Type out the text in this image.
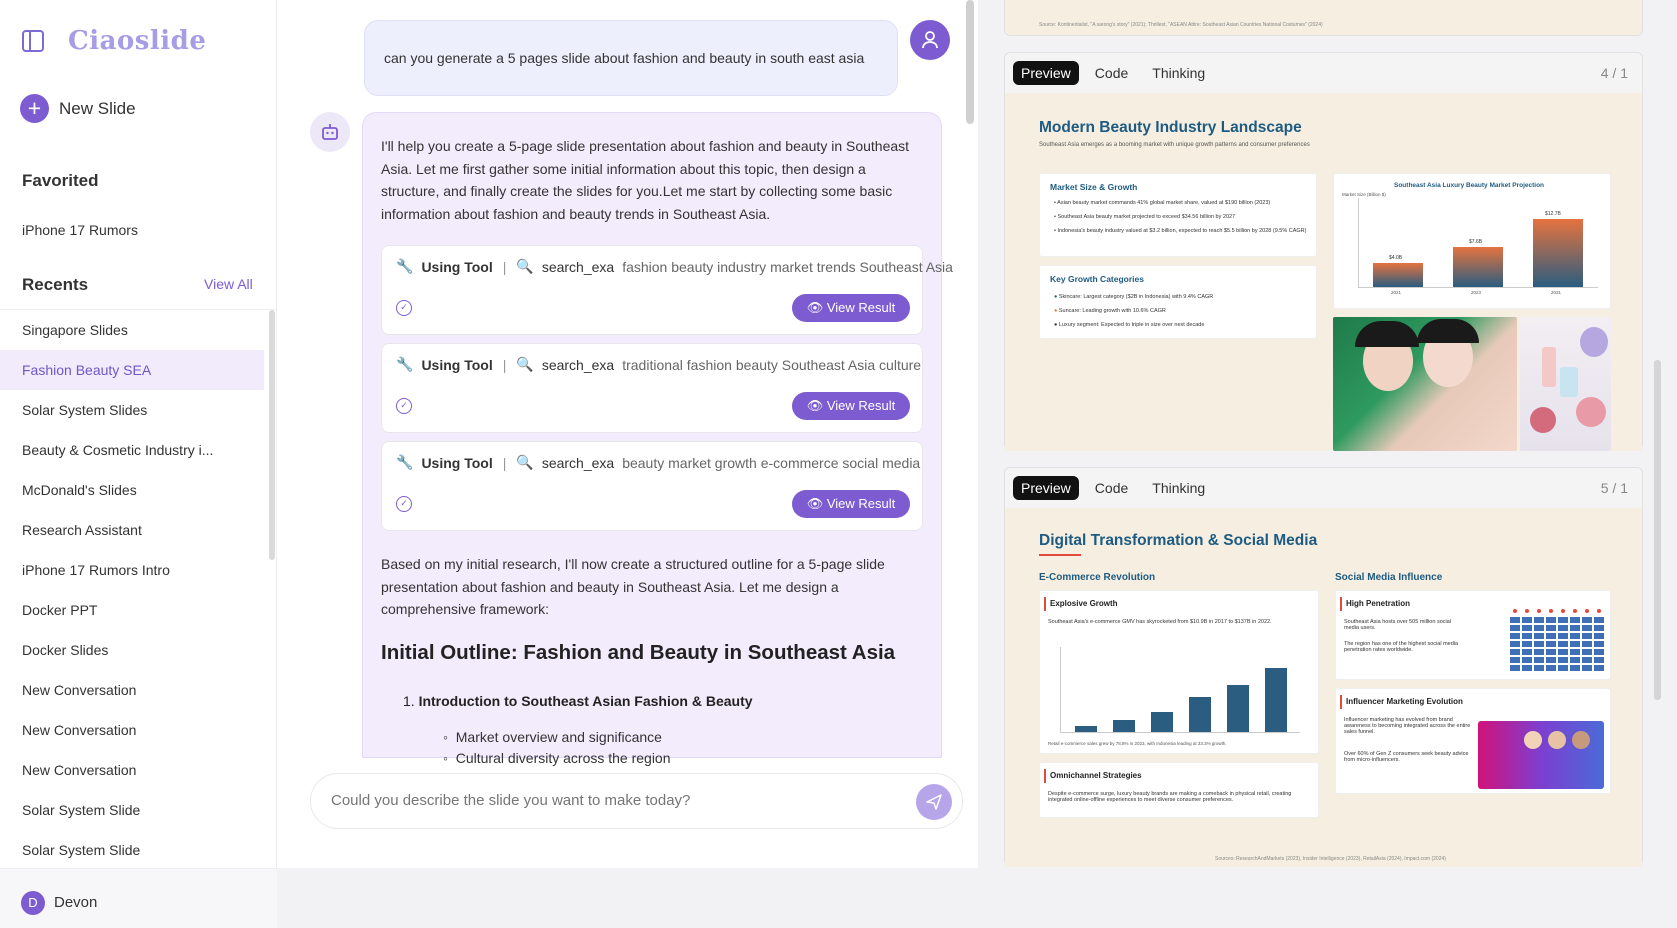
Ciaoslide
+	New Slide
Favorited
iPhone 17 Rumors
Recents	View All
Singapore Slides
Fashion Beauty SEA
Solar System Slides
Beauty & Cosmetic Industry i...
McDonald's Slides
Research Assistant
iPhone 17 Rumors Intro
Docker PPT
Docker Slides
New Conversation
New Conversation
New Conversation
Solar System Slide
Solar System Slide
D	Devon
can you generate a 5 pages slide about fashion and beauty in south east asia
I'll help you create a 5-page slide presentation about fashion and beauty in Southeast Asia. Let me first gather some initial information about this topic, then design a structure, and finally create the slides for you.Let me start by collecting some basic information about fashion and beauty trends in Southeast Asia.
🔧 Using Tool | 🔍 search_exa fashion beauty industry market trends Southeast Asia
✓	👁 View Result
🔧 Using Tool | 🔍 search_exa traditional fashion beauty Southeast Asia culture
✓	👁 View Result
🔧 Using Tool | 🔍 search_exa beauty market growth e-commerce social media
✓	👁 View Result
Based on my initial research, I'll now create a structured outline for a 5-page slide presentation about fashion and beauty in Southeast Asia. Let me design a comprehensive framework:
Initial Outline: Fashion and Beauty in Southeast Asia
1. Introduction to Southeast Asian Fashion & Beauty
◦  Market overview and significance
◦  Cultural diversity across the region
Could you describe the slide you want to make today?
Source: Kontinentalist, "A sarong's story" (2021); Thrillest, "ASEAN Attire: Southeast Asian Countries National Costumes" (2024)
Preview	Code	Thinking	4 / 1
Modern Beauty Industry Landscape
Southeast Asia emerges as a booming market with unique growth patterns and consumer preferences
Market Size & Growth
• Asian beauty market commands 41% global market share, valued at $190 billion (2023)
• Southeast Asia beauty market projected to exceed $34.56 billion by 2027
• Indonesia's beauty industry valued at $3.2 billion, expected to reach $5.5 billion by 2028 (9.5% CAGR)
Key Growth Categories
● Skincare: Largest category ($2B in Indonesia) with 9.4% CAGR
● Suncare: Leading growth with 10.6% CAGR
● Luxury segment: Expected to triple in size over next decade
Southeast Asia Luxury Beauty Market Projection
Market Size (Billion $)
$4.0B
$7.6B
$12.7B
2021	2023	2031
Preview	Code	Thinking	5 / 1
Digital Transformation & Social Media
E-Commerce Revolution	Social Media Influence
Explosive Growth
Southeast Asia's e-commerce GMV has skyrocketed from $10.9B in 2017 to $137B in 2022.
Retail e-commerce sales grew by 78.8% in 2023, with Indonesia leading at 33.3% growth.
Omnichannel Strategies
Despite e-commerce surge, luxury beauty brands are making a comeback in physical retail, creating integrated online-offline experiences to meet diverse consumer preferences.
High Penetration
Southeast Asia hosts over 505 million social media users.
The region has one of the highest social media penetration rates worldwide.
Influencer Marketing Evolution
Influencer marketing has evolved from brand awareness to becoming integrated across the entire sales funnel.
Over 60% of Gen Z consumers seek beauty advice from micro-influencers.
Sources: ResearchAndMarkets (2023), Insider Intelligence (2023), RetailAsia (2024), Impact.com (2024)
